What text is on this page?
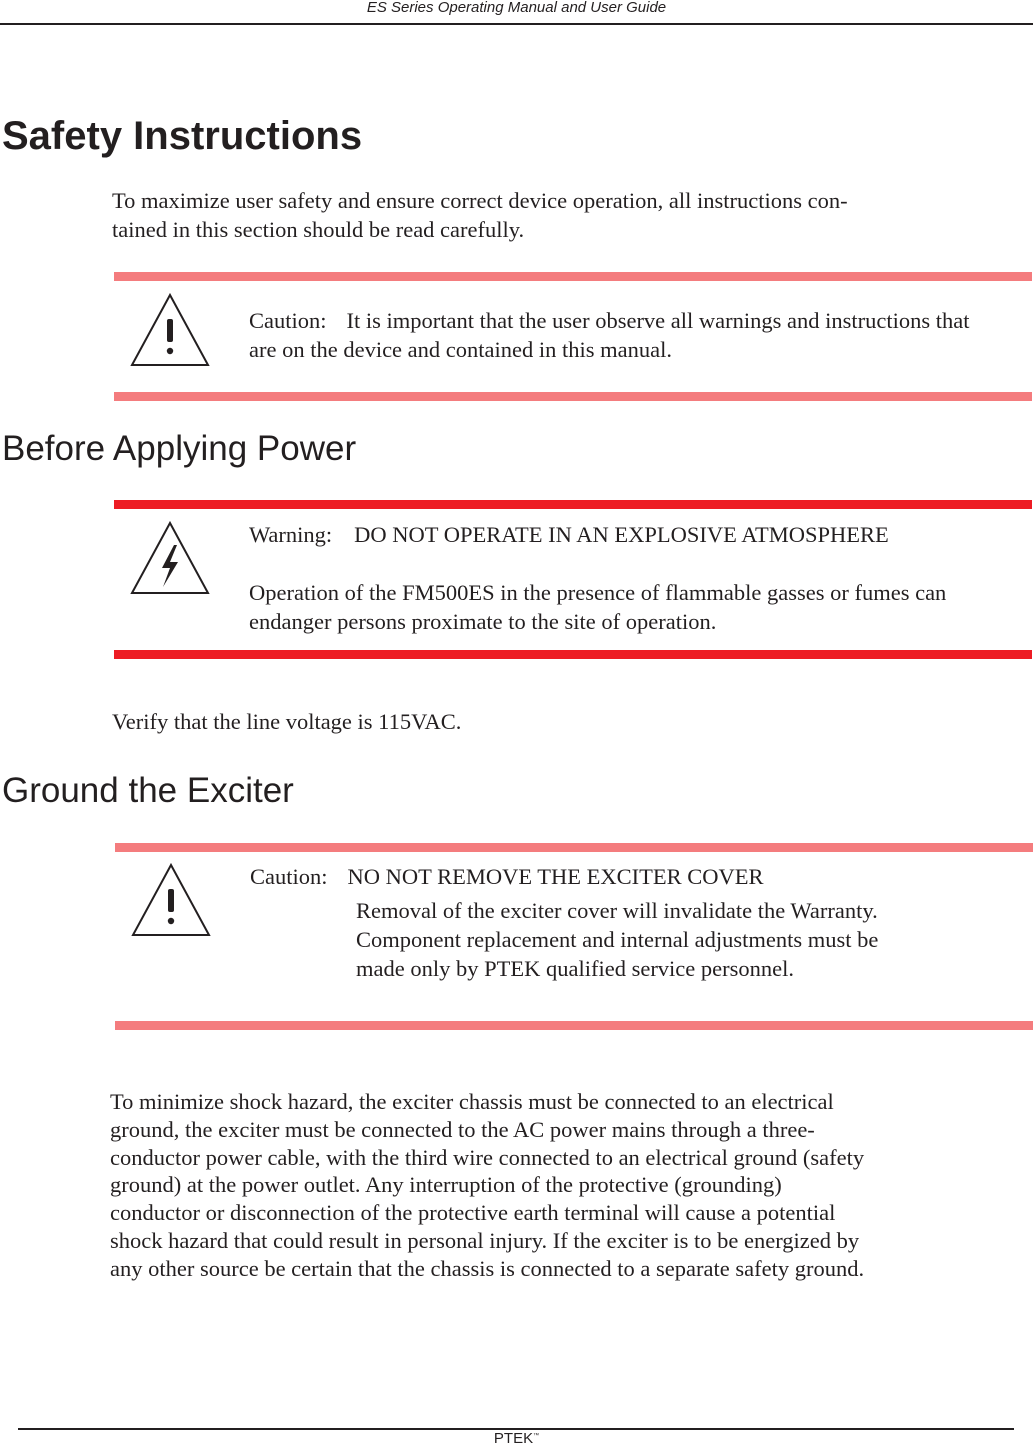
ES Series Operating Manual and User Guide
Safety Instructions
To maximize user safety and ensure correct device operation, all instructions con-
tained in this section should be read carefully.
Caution: It is important that the user observe all warnings and instructions that
are on the device and contained in this manual.
Before Applying Power
Warning: DO NOT OPERATE IN AN EXPLOSIVE ATMOSPHERE
Operation of the FM500ES in the presence of flammable gasses or fumes can
endanger persons proximate to the site of operation.
Verify that the line voltage is 115VAC.
Ground the Exciter
Caution: NO NOT REMOVE THE EXCITER COVER
Removal of the exciter cover will invalidate the Warranty.
Component replacement and internal adjustments must be
made only by PTEK qualified service personnel.
To minimize shock hazard, the exciter chassis must be connected to an electrical
ground, the exciter must be connected to the AC power mains through a three-
conductor power cable, with the third wire connected to an electrical ground (safety
ground) at the power outlet. Any interruption of the protective (grounding)
conductor or disconnection of the protective earth terminal will cause a potential
shock hazard that could result in personal injury. If the exciter is to be energized by
any other source be certain that the chassis is connected to a separate safety ground.
PTEK™
